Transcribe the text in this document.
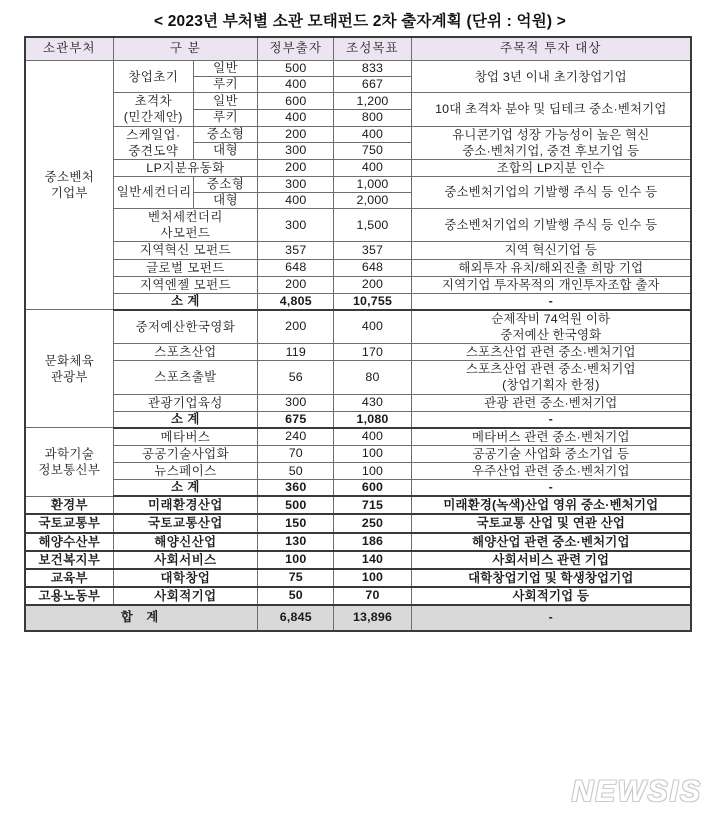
< 2023년 부처별 소관 모태펀드 2차 출자계획 (단위 : 억원) >
소관부처	구 분		정부출자	조성목표	주목적 투자 대상

중소벤처
기업부	창업초기	일반	500	833	창업 3년 이내 초기창업기업

		루키	400	667	

	초격차
(민간제안)	일반	600	1,200	10대 초격차 분야 및 딥테크 중소·벤처기업

		루키	400	800	

	스케일업·
중견도약	중소형	200	400	유니콘기업 성장 가능성이 높은 혁신
중소·벤처기업, 중견 후보기업 등

		대형	300	750	

	LP지분유동화		200	400	조합의 LP지분 인수

	일반세컨더리	중소형	300	1,000	중소벤처기업의 기발행 주식 등 인수 등

		대형	400	2,000	

	벤처세컨더리
사모펀드		300	1,500	중소벤처기업의 기발행 주식 등 인수 등

	지역혁신 모펀드		357	357	지역 혁신기업 등

	글로벌 모펀드		648	648	해외투자 유치/해외진출 희망 기업

	지역엔젤 모펀드		200	200	지역기업 투자목적의 개인투자조합 출자

	소 계		4,805	10,755	-

문화체육
관광부	중저예산한국영화		200	400	순제작비 74억원 이하
중저예산 한국영화

	스포츠산업		119	170	스포츠산업 관련 중소·벤처기업

	스포츠출발		56	80	스포츠산업 관련 중소·벤처기업
(창업기획자 한정)

	관광기업육성		300	430	관광 관련 중소·벤처기업

	소 계		675	1,080	-

과학기술
정보통신부	메타버스		240	400	메타버스 관련 중소·벤처기업

	공공기술사업화		70	100	공공기술 사업화 중소기업 등

	뉴스페이스		50	100	우주산업 관련 중소·벤처기업

	소 계		360	600	-

환경부	미래환경산업		500	715	미래환경(녹색)산업 영위 중소·벤처기업

국토교통부	국토교통산업		150	250	국토교통 산업 및 연관 산업

해양수산부	해양신산업		130	186	해양산업 관련 중소·벤처기업

보건복지부	사회서비스		100	140	사회서비스 관련 기업

교육부	대학창업		75	100	대학창업기업 및 학생창업기업

고용노동부	사회적기업		50	70	사회적기업 등

합 계			6,845	13,896	-
NEWSIS
